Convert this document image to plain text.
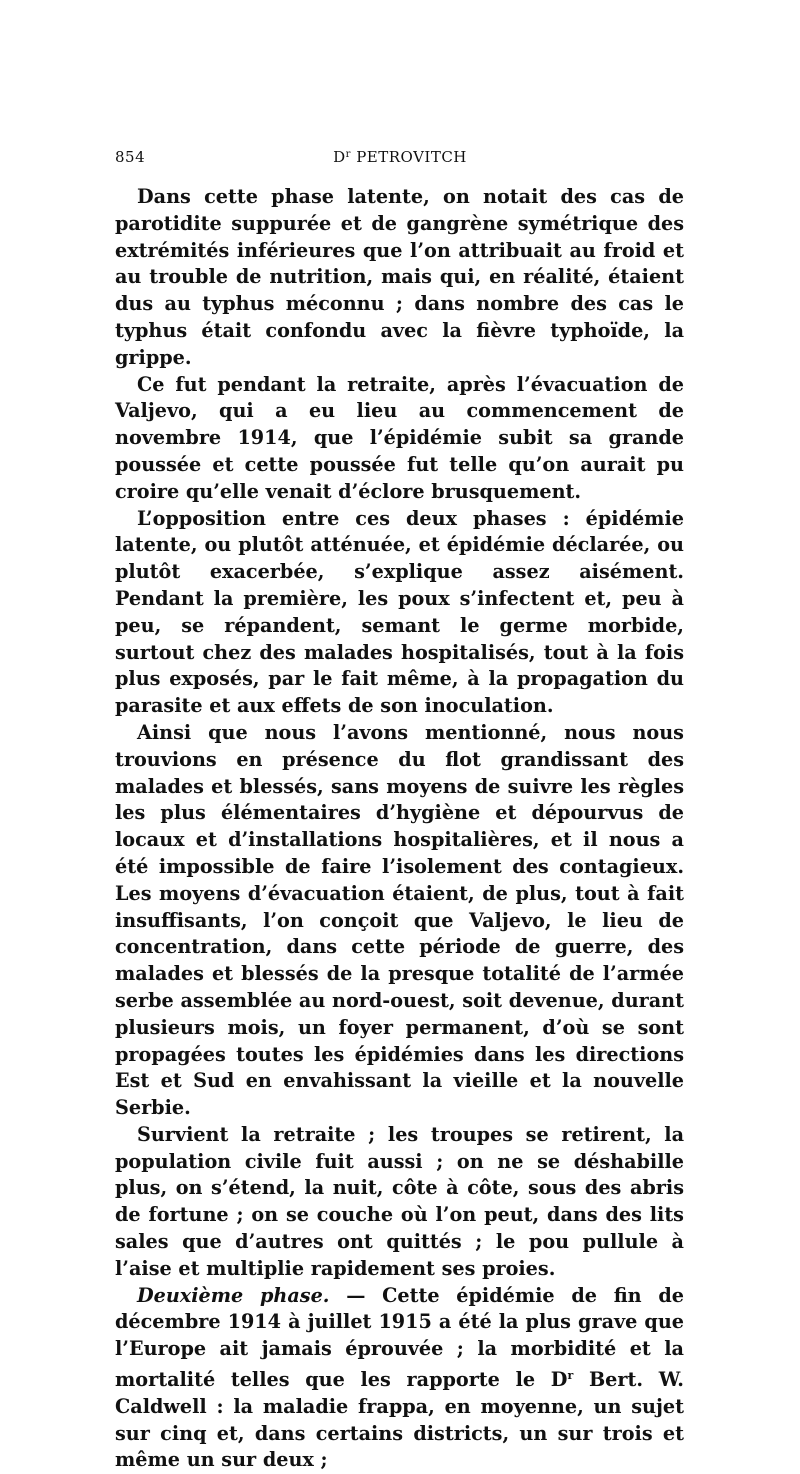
854	$D^r$ PETROVITCH

Dans cette phase latente, on notait des cas de parotidite suppurée et de gangrène symétrique des extrémités inférieures que l’on attribuait au froid et au trouble de nutrition, mais qui, en réalité, étaient dus au typhus méconnu ; dans nombre des cas le typhus était confondu avec la fièvre typhoïde, la grippe.

Ce fut pendant la retraite, après l’évacuation de Valjevo, qui a eu lieu au commencement de novembre 1914, que l’épidémie subit sa grande poussée et cette poussée fut telle qu’on aurait pu croire qu’elle venait d’éclore brusquement.

L’opposition entre ces deux phases : épidémie latente, ou plutôt atténuée, et épidémie déclarée, ou plutôt exacerbée, s’explique assez aisément. Pendant la première, les poux s’infectent et, peu à peu, se répandent, semant le germe morbide, surtout chez des malades hospitalisés, tout à la fois plus exposés, par le fait même, à la propagation du parasite et aux effets de son inoculation.

Ainsi que nous l’avons mentionné, nous nous trouvions en présence du flot grandissant des malades et blessés, sans moyens de suivre les règles les plus élémentaires d’hygiène et dépourvus de locaux et d’installations hospitalières, et il nous a été impossible de faire l’isolement des contagieux. Les moyens d’évacuation étaient, de plus, tout à fait insuffisants, l’on conçoit que Valjevo, le lieu de concentration, dans cette période de guerre, des malades et blessés de la presque totalité de l’armée serbe assemblée au nord-ouest, soit devenue, durant plusieurs mois, un foyer permanent, d’où se sont propagées toutes les épidémies dans les directions Est et Sud en envahissant la vieille et la nouvelle Serbie.

Survient la retraite ; les troupes se retirent, la population civile fuit aussi ; on ne se déshabille plus, on s’étend, la nuit, côte à côte, sous des abris de fortune ; on se couche où l’on peut, dans des lits sales que d’autres ont quittés ; le pou pullule à l’aise et multiplie rapidement ses proies.

Deuxième phase. — Cette épidémie de fin de décembre 1914 à juillet 1915 a été la plus grave que l’Europe ait jamais éprouvée ; la morbidité et la mortalité telles que les rapporte le $D^r$ Bert. W. Caldwell : la maladie frappa, en moyenne, un sujet sur cinq et, dans certains districts, un sur trois et même un sur deux ;
